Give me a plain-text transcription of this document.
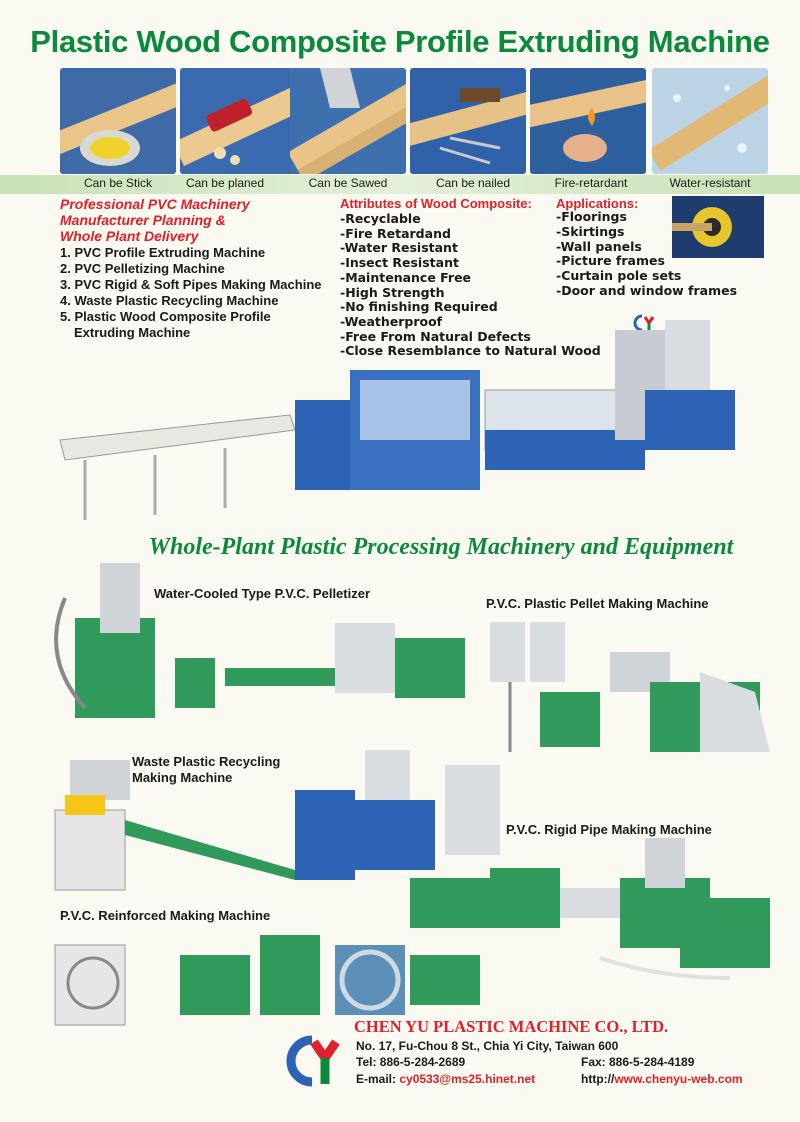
Plastic Wood Composite Profile Extruding Machine
Can be Stick	Can be planed	Can be Sawed	Can be nailed	Fire-retardant	Water-resistant
Professional PVC Machinery
Manufacturer Planning &
Whole Plant Delivery
1. PVC Profile Extruding Machine
2. PVC Pelletizing Machine
3. PVC Rigid & Soft Pipes Making Machine
4. Waste Plastic Recycling Machine
5. Plastic Wood Composite Profile
Extruding Machine
Attributes of Wood Composite:
-Recyclable
-Fire Retardand
-Water Resistant
-Insect Resistant
-Maintenance Free
-High Strength
-No finishing Required
-Weatherproof
-Free From Natural Defects
-Close Resemblance to Natural Wood
Applications:
-Floorings
-Skirtings
-Wall panels
-Picture frames
-Curtain pole sets
-Door and window frames
Whole-Plant Plastic Processing Machinery and Equipment
Water-Cooled Type P.V.C. Pelletizer
P.V.C. Plastic Pellet Making Machine
Waste Plastic Recycling
Making Machine
P.V.C. Rigid Pipe Making Machine
P.V.C. Reinforced Making Machine
CHEN YU PLASTIC MACHINE CO., LTD.
No. 17, Fu-Chou 8 St., Chia Yi City, Taiwan 600
Tel: 886-5-284-2689	Fax: 886-5-284-4189
E-mail: cy0533@ms25.hinet.net	http://www.chenyu-web.com
